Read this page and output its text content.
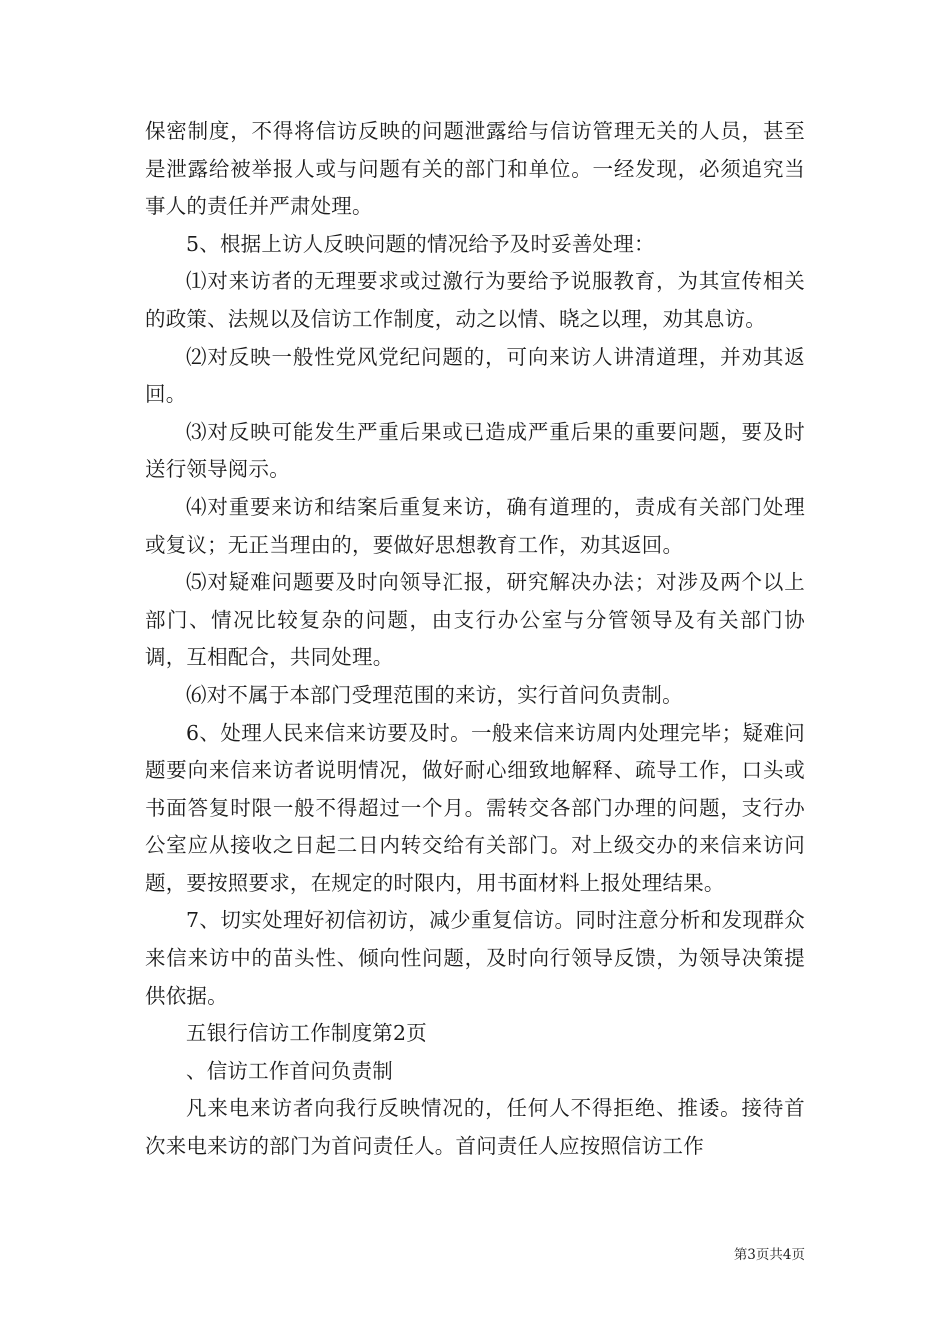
保密制度，不得将信访反映的问题泄露给与信访管理无关的人员，甚至是泄露给被举报人或与问题有关的部门和单位。一经发现，必须追究当事人的责任并严肃处理。

5、根据上访人反映问题的情况给予及时妥善处理：

⑴对来访者的无理要求或过激行为要给予说服教育，为其宣传相关的政策、法规以及信访工作制度，动之以情、晓之以理，劝其息访。

⑵对反映一般性党风党纪问题的，可向来访人讲清道理，并劝其返回。

⑶对反映可能发生严重后果或已造成严重后果的重要问题，要及时送行领导阅示。

⑷对重要来访和结案后重复来访，确有道理的，责成有关部门处理或复议；无正当理由的，要做好思想教育工作，劝其返回。

⑸对疑难问题要及时向领导汇报，研究解决办法；对涉及两个以上部门、情况比较复杂的问题，由支行办公室与分管领导及有关部门协调，互相配合，共同处理。

⑹对不属于本部门受理范围的来访，实行首问负责制。

6、处理人民来信来访要及时。一般来信来访周内处理完毕；疑难问题要向来信来访者说明情况，做好耐心细致地解释、疏导工作，口头或书面答复时限一般不得超过一个月。需转交各部门办理的问题，支行办公室应从接收之日起二日内转交给有关部门。对上级交办的来信来访问题，要按照要求，在规定的时限内，用书面材料上报处理结果。

7、切实处理好初信初访，减少重复信访。同时注意分析和发现群众来信来访中的苗头性、倾向性问题，及时向行领导反馈，为领导决策提供依据。

五银行信访工作制度第2页

、信访工作首问负责制

凡来电来访者向我行反映情况的，任何人不得拒绝、推诿。接待首次来电来访的部门为首问责任人。首问责任人应按照信访工作

第3页共4页
